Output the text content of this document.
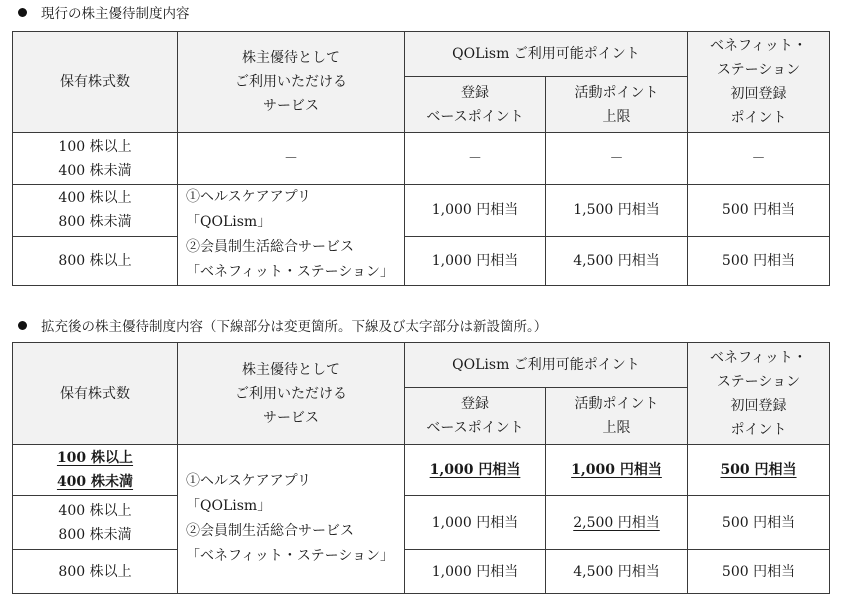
現行の株主優待制度内容
保有株式数	株主優待として
ご利用いただける
サービス	QOLism ご利用可能ポイント		ベネフィット・
ステーション
初回登録
ポイント

		登録
ベースポイント	活動ポイント
上限	

100 株以上
400 株未満	－	－	－	－

400 株以上
800 株未満	①ヘルスケアアプリ
「QOLism」
②会員制生活総合サービス
「ベネフィット・ステーション」	1,000 円相当	1,500 円相当	500 円相当
800 株以上		1,000 円相当	4,500 円相当	500 円相当
拡充後の株主優待制度内容（下線部分は変更箇所。下線及び太字部分は新設箇所。）
保有株式数	株主優待として
ご利用いただける
サービス	QOLism ご利用可能ポイント		ベネフィット・
ステーション
初回登録
ポイント

		登録
ベースポイント	活動ポイント
上限	

100 株以上
400 株未満	①ヘルスケアアプリ
「QOLism」
②会員制生活総合サービス
「ベネフィット・ステーション」	1,000 円相当	1,000 円相当	500 円相当

400 株以上
800 株未満		1,000 円相当	2,500 円相当	500 円相当
800 株以上		1,000 円相当	4,500 円相当	500 円相当
